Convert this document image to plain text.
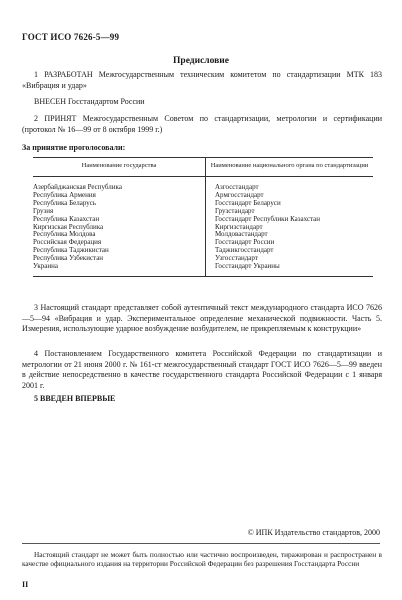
ГОСТ ИСО 7626-5—99
Предисловие
1 РАЗРАБОТАН Межгосударственным техническим комитетом по стандартизации МТК 183 «Вибрация и удар»
ВНЕСЕН Госстандартом России
2 ПРИНЯТ Межгосударственным Советом по стандартизации, метрологии и сертификации (протокол № 16—99 от 8 октября 1999 г.)
За принятие проголосовали:
Наименование государства	Наименование национального органа по стандартизации
Азербайджанская Республика
Республика Армения
Республика Беларусь
Грузия
Республика Казахстан
Киргизская Республика
Республика Молдова
Российская Федерация
Республика Таджикистан
Республика Узбекистан
Украина
Азгосстандарт
Армгосстандарт
Госстандарт Беларуси
Грузстандарт
Госстандарт Республики Казахстан
Киргизстандарт
Молдовастандарт
Госстандарт России
Таджикгосстандарт
Узгосстандарт
Госстандарт Украины
3 Настоящий стандарт представляет собой аутентичный текст международного стандарта ИСО 7626—5—94 «Вибрация и удар. Экспериментальное определение механической подвижности. Часть 5. Измерения, использующие ударное возбуждение возбудителем, не прикрепляемым к конструкции»
4 Постановлением Государственного комитета Российской Федерации по стандартизации и метрологии от 21 июня 2000 г. № 161-ст межгосударственный стандарт ГОСТ ИСО 7626—5—99 введен в действие непосредственно в качестве государственного стандарта Российской Федерации с 1 января 2001 г.
5 ВВЕДЕН ВПЕРВЫЕ
© ИПК Издательство стандартов, 2000
Настоящий стандарт не может быть полностью или частично воспроизведен, тиражирован и распространен в качестве официального издания на территории Российской Федерации без разрешения Госстандарта России
II
